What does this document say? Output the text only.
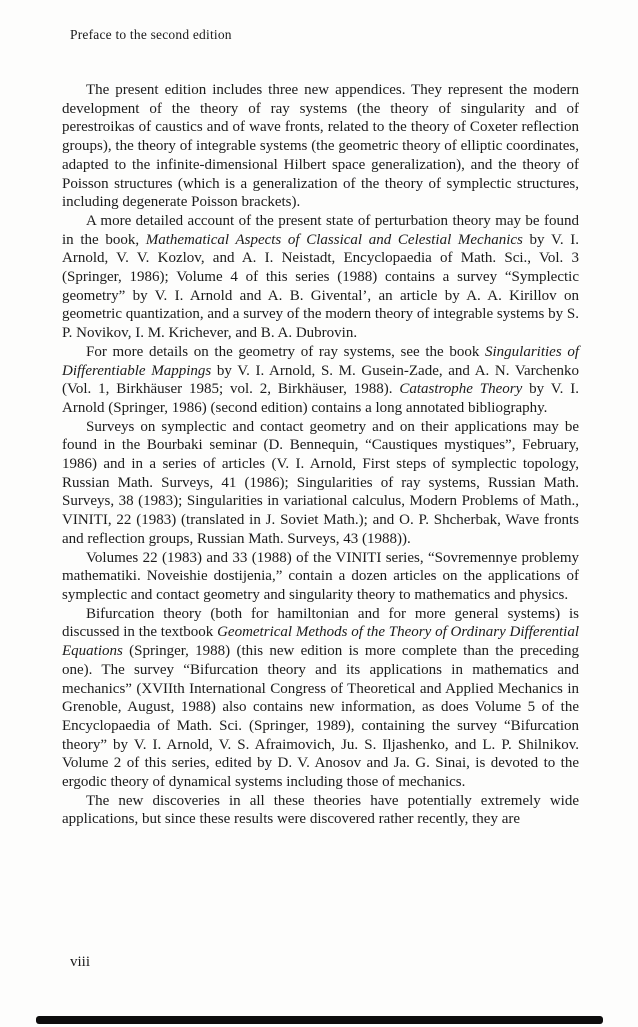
Preface to the second edition

The present edition includes three new appendices. They represent the modern development of the theory of ray systems (the theory of singularity and of perestroikas of caustics and of wave fronts, related to the theory of Coxeter reflection groups), the theory of integrable systems (the geometric theory of elliptic coordinates, adapted to the infinite-dimensional Hilbert space generalization), and the theory of Poisson structures (which is a generalization of the theory of symplectic structures, including degenerate Poisson brackets).

A more detailed account of the present state of perturbation theory may be found in the book, Mathematical Aspects of Classical and Celestial Mechanics by V. I. Arnold, V. V. Kozlov, and A. I. Neistadt, Encyclopaedia of Math. Sci., Vol. 3 (Springer, 1986); Volume 4 of this series (1988) contains a survey “Symplectic geometry” by V. I. Arnold and A. B. Givental’, an article by A. A. Kirillov on geometric quantization, and a survey of the modern theory of integrable systems by S. P. Novikov, I. M. Krichever, and B. A. Dubrovin.

For more details on the geometry of ray systems, see the book Singularities of Differentiable Mappings by V. I. Arnold, S. M. Gusein-Zade, and A. N. Varchenko (Vol. 1, Birkhäuser 1985; vol. 2, Birkhäuser, 1988). Catastrophe Theory by V. I. Arnold (Springer, 1986) (second edition) contains a long annotated bibliography.

Surveys on symplectic and contact geometry and on their applications may be found in the Bourbaki seminar (D. Bennequin, “Caustiques mystiques”, February, 1986) and in a series of articles (V. I. Arnold, First steps of symplectic topology, Russian Math. Surveys, 41 (1986); Singularities of ray systems, Russian Math. Surveys, 38 (1983); Singularities in variational calculus, Modern Problems of Math., VINITI, 22 (1983) (translated in J. Soviet Math.); and O. P. Shcherbak, Wave fronts and reflection groups, Russian Math. Surveys, 43 (1988)).

Volumes 22 (1983) and 33 (1988) of the VINITI series, “Sovremennye problemy mathematiki. Noveishie dostijenia,” contain a dozen articles on the applications of symplectic and contact geometry and singularity theory to mathematics and physics.

Bifurcation theory (both for hamiltonian and for more general systems) is discussed in the textbook Geometrical Methods of the Theory of Ordinary Differential Equations (Springer, 1988) (this new edition is more complete than the preceding one). The survey “Bifurcation theory and its applications in mathematics and mechanics” (XVIIth International Congress of Theoretical and Applied Mechanics in Grenoble, August, 1988) also contains new information, as does Volume 5 of the Encyclopaedia of Math. Sci. (Springer, 1989), containing the survey “Bifurcation theory” by V. I. Arnold, V. S. Afraimovich, Ju. S. Iljashenko, and L. P. Shilnikov. Volume 2 of this series, edited by D. V. Anosov and Ja. G. Sinai, is devoted to the ergodic theory of dynamical systems including those of mechanics.

The new discoveries in all these theories have potentially extremely wide applications, but since these results were discovered rather recently, they are

viii
